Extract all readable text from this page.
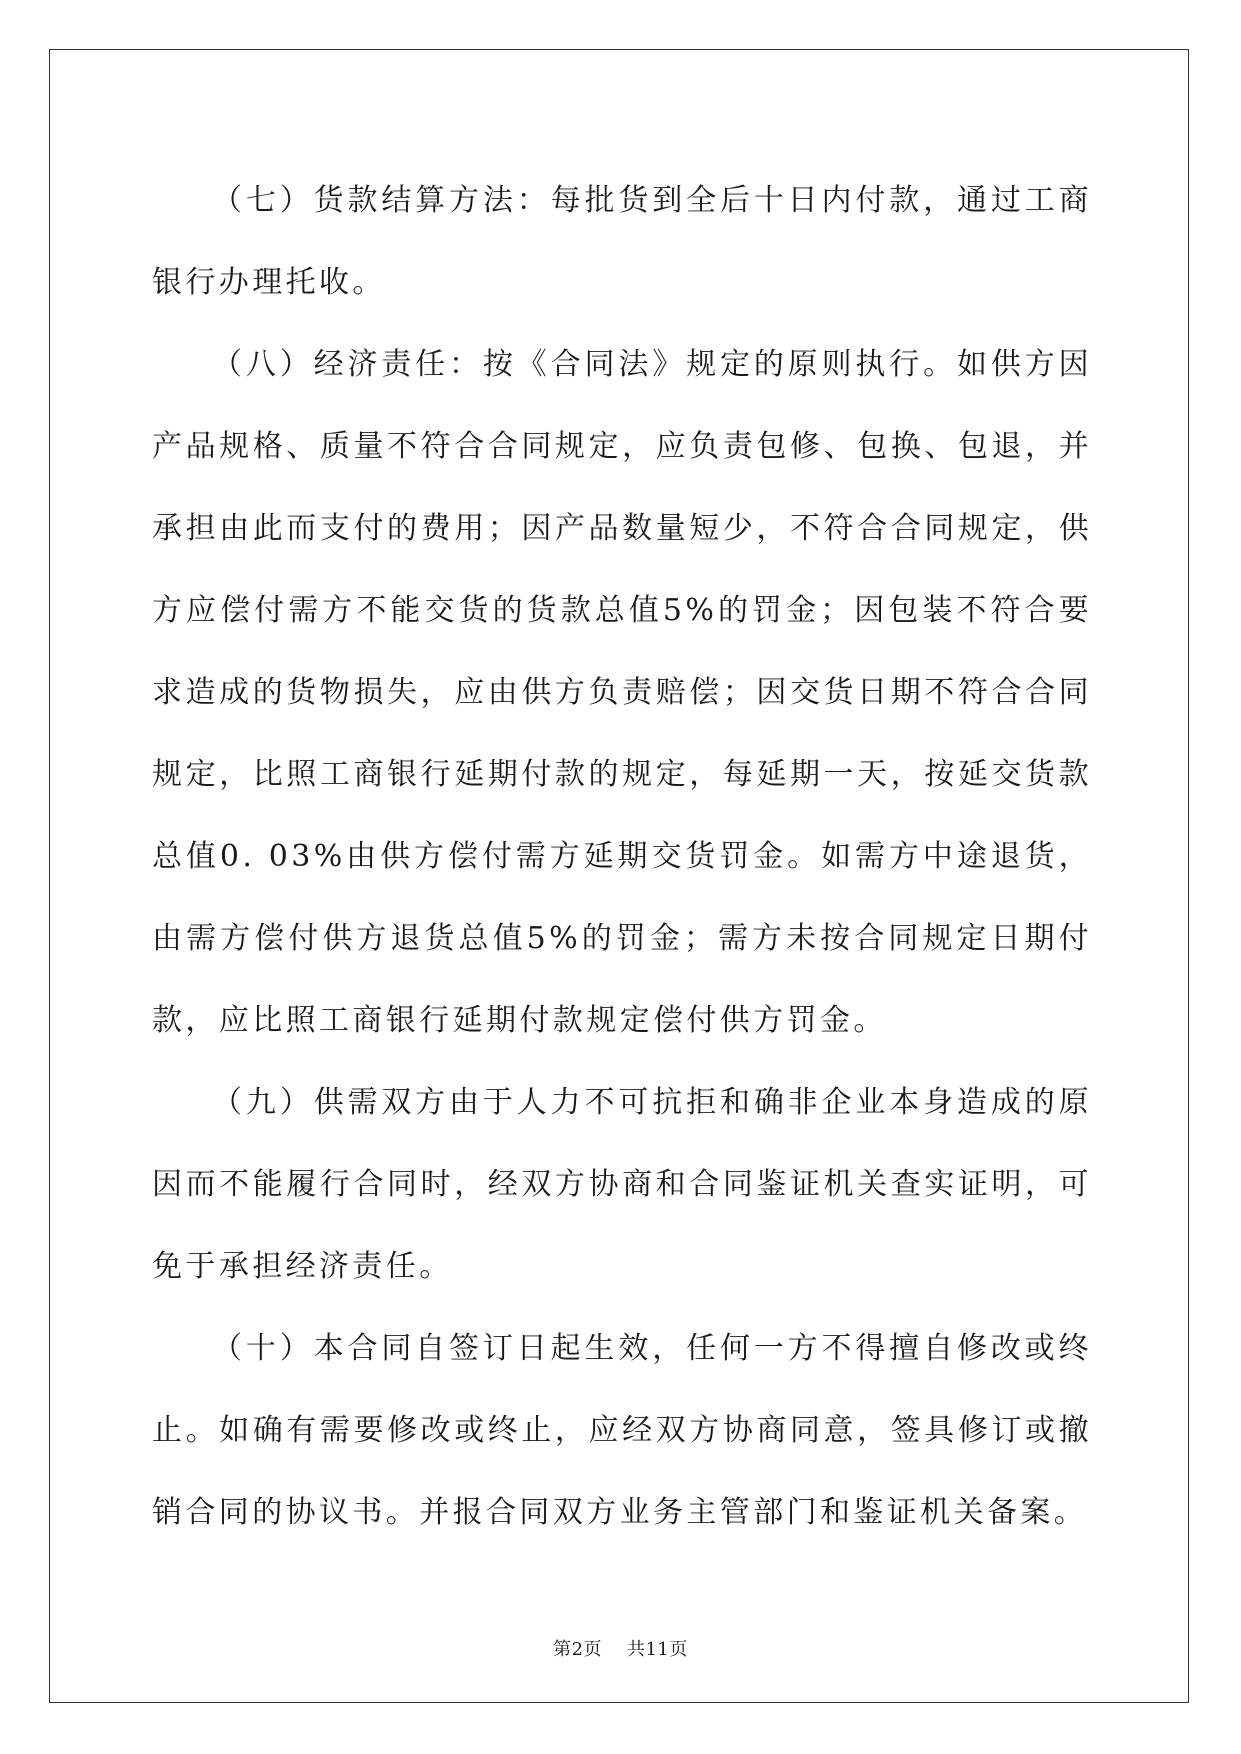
（七）货款结算方法：每批货到全后十日内付款，通过工商银行办理托收。

（八）经济责任：按《合同法》规定的原则执行。如供方因产品规格、质量不符合合同规定，应负责包修、包换、包退，并承担由此而支付的费用；因产品数量短少，不符合合同规定，供方应偿付需方不能交货的货款总值5%的罚金；因包装不符合要求造成的货物损失，应由供方负责赔偿；因交货日期不符合合同规定，比照工商银行延期付款的规定，每延期一天，按延交货款总值0. 03%由供方偿付需方延期交货罚金。如需方中途退货，由需方偿付供方退货总值5%的罚金；需方未按合同规定日期付款，应比照工商银行延期付款规定偿付供方罚金。

（九）供需双方由于人力不可抗拒和确非企业本身造成的原因而不能履行合同时，经双方协商和合同鉴证机关查实证明，可免于承担经济责任。

（十）本合同自签订日起生效，任何一方不得擅自修改或终止。如确有需要修改或终止，应经双方协商同意，签具修订或撤销合同的协议书。并报合同双方业务主管部门和鉴证机关备案。

第2页 共11页
